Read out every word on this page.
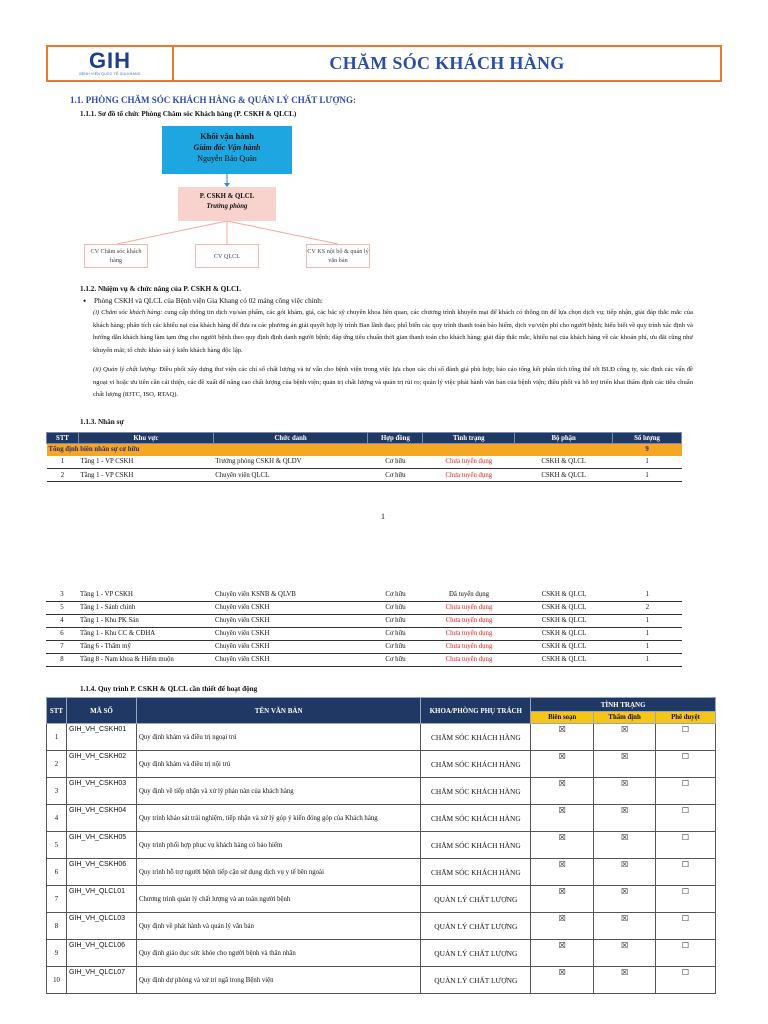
GIH
BỆNH VIỆN QUỐC TẾ GIA KHANG
CHĂM SÓC KHÁCH HÀNG
1.1. PHÒNG CHĂM SÓC KHÁCH HÀNG & QUẢN LÝ CHẤT LƯỢNG:
1.1.1. Sơ đồ tổ chức Phòng Chăm sóc Khách hàng (P. CSKH & QLCL)
Khối vận hành
Giám đốc Vận hành
Nguyễn Bảo Quân
P. CSKH & QLCL
Trưởng phòng
CV Chăm sóc khách hàng
CV QLCL
CV KS nội bộ & quản lý văn bản
1.1.2. Nhiệm vụ & chức năng của P. CSKH & QLCL
• Phòng CSKH và QLCL của Bệnh viện Gia Khang có 02 mảng công việc chính:
(i) Chăm sóc khách hàng: cung cấp thông tin dịch vụ/sản phẩm, các gói khám, giá, các bác sỹ chuyên khoa liên quan, các chương trình khuyến mại để khách có thông tin để lựa chọn dịch vụ; tiếp nhận, giải đáp thắc mắc của khách hàng; phân tích các khiếu nại của khách hàng để đưa ra các phương án giải quyết hợp lý trình Ban lãnh đạo; phổ biến các quy trình thanh toán bảo hiểm, dịch vụ/viện phí cho người bệnh; hiểu biết về quy trình xác định và hướng dẫn khách hàng làm tạm ứng cho người bệnh theo quy định định danh người bệnh; đáp ứng tiêu chuẩn thời gian thanh toán cho khách hàng; giải đáp thắc mắc, khiếu nại của khách hàng về các khoản phí, ưu đãi cũng như khuyến mãi; tổ chức khảo sát ý kiến khách hàng độc lập.
(ii) Quản lý chất lượng: Điều phối xây dựng thư viện các chỉ số chất lượng và tư vấn cho bệnh viện trong việc lựa chọn các chỉ số đánh giá phù hợp; báo cáo tổng kết phân tích tổng thể tới BLĐ công ty, xác định các vấn đề ngoại vi hoặc ưu tiên cần cải thiện, các đề xuất để nâng cao chất lượng của bệnh viện; quản trị chất lượng và quản trị rủi ro; quản lý việc phát hành văn bản của bệnh viện; điều phối và hỗ trợ triển khai thẩm định các tiêu chuẩn chất lượng (83TC, ISO, RTAQ).
1.1.3. Nhân sự
STT	Khu vực	Chức danh	Hợp đồng	Tình trạng	Bộ phận	Số lượng
Tổng định biên nhân sự cơ hữu						9
1	Tầng 1 - VP CSKH	Trưởng phòng CSKH & QLDV	Cơ hữu	Chưa tuyển dụng	CSKH & QLCL	1
2	Tầng 1 - VP CSKH	Chuyên viên QLCL	Cơ hữu	Chưa tuyển dụng	CSKH & QLCL	1
1
3	Tầng 1 - VP CSKH	Chuyên viên KSNB & QLVB	Cơ hữu	Đã tuyển dụng	CSKH & QLCL	1
5	Tầng 1 - Sảnh chính	Chuyên viên CSKH	Cơ hữu	Chưa tuyển dụng	CSKH & QLCL	2
4	Tầng 1 - Khu PK Sản	Chuyên viên CSKH	Cơ hữu	Chưa tuyển dụng	CSKH & QLCL	1
6	Tầng 1 - Khu CC & CĐHA	Chuyên viên CSKH	Cơ hữu	Chưa tuyển dụng	CSKH & QLCL	1
7	Tầng 6 - Thẩm mỹ	Chuyên viên CSKH	Cơ hữu	Chưa tuyển dụng	CSKH & QLCL	1
8	Tầng 8 - Nam khoa & Hiếm muộn	Chuyên viên CSKH	Cơ hữu	Chưa tuyển dụng	CSKH & QLCL	1
1.1.4. Quy trình P. CSKH & QLCL cần thiết để hoạt động
STT	MÃ SỐ	TÊN VĂN BẢN	KHOA/PHÒNG PHỤ TRÁCH	TÌNH TRẠNG		
				Biên soạn	Thẩm định	Phê duyệt
1	GIH_VH_CSKH01	Quy định khám và điều trị ngoại trú	CHĂM SÓC KHÁCH HÀNG	☒	☒	☐
2	GIH_VH_CSKH02	Quy định khám và điều trị nội trú	CHĂM SÓC KHÁCH HÀNG	☒	☒	☐
3	GIH_VH_CSKH03	Quy định về tiếp nhận và xử lý phản nàn của khách hàng	CHĂM SÓC KHÁCH HÀNG	☒	☒	☐
4	GIH_VH_CSKH04	Quy trình khảo sát trải nghiệm, tiếp nhận và xử lý góp ý kiến đóng góp của Khách hàng	CHĂM SÓC KHÁCH HÀNG	☒	☒	☐
5	GIH_VH_CSKH05	Quy trình phối hợp phục vụ khách hàng có bảo hiểm	CHĂM SÓC KHÁCH HÀNG	☒	☒	☐
6	GIH_VH_CSKH06	Quy trình hỗ trợ người bệnh tiếp cận sử dụng dịch vụ y tế bên ngoài	CHĂM SÓC KHÁCH HÀNG	☒	☒	☐
7	GIH_VH_QLCL01	Chương trình quản lý chất lượng và an toàn người bệnh	QUẢN LÝ CHẤT LƯỢNG	☒	☒	☐
8	GIH_VH_QLCL03	Quy định về phát hành và quản lý văn bản	QUẢN LÝ CHẤT LƯỢNG	☒	☒	☐
9	GIH_VH_QLCL06	Quy định giáo dục sức khỏe cho người bệnh và thân nhân	QUẢN LÝ CHẤT LƯỢNG	☒	☒	☐
10	GIH_VH_QLCL07	Quy định dự phòng và xử trí ngã trong Bệnh viện	QUẢN LÝ CHẤT LƯỢNG	☒	☒	☐
